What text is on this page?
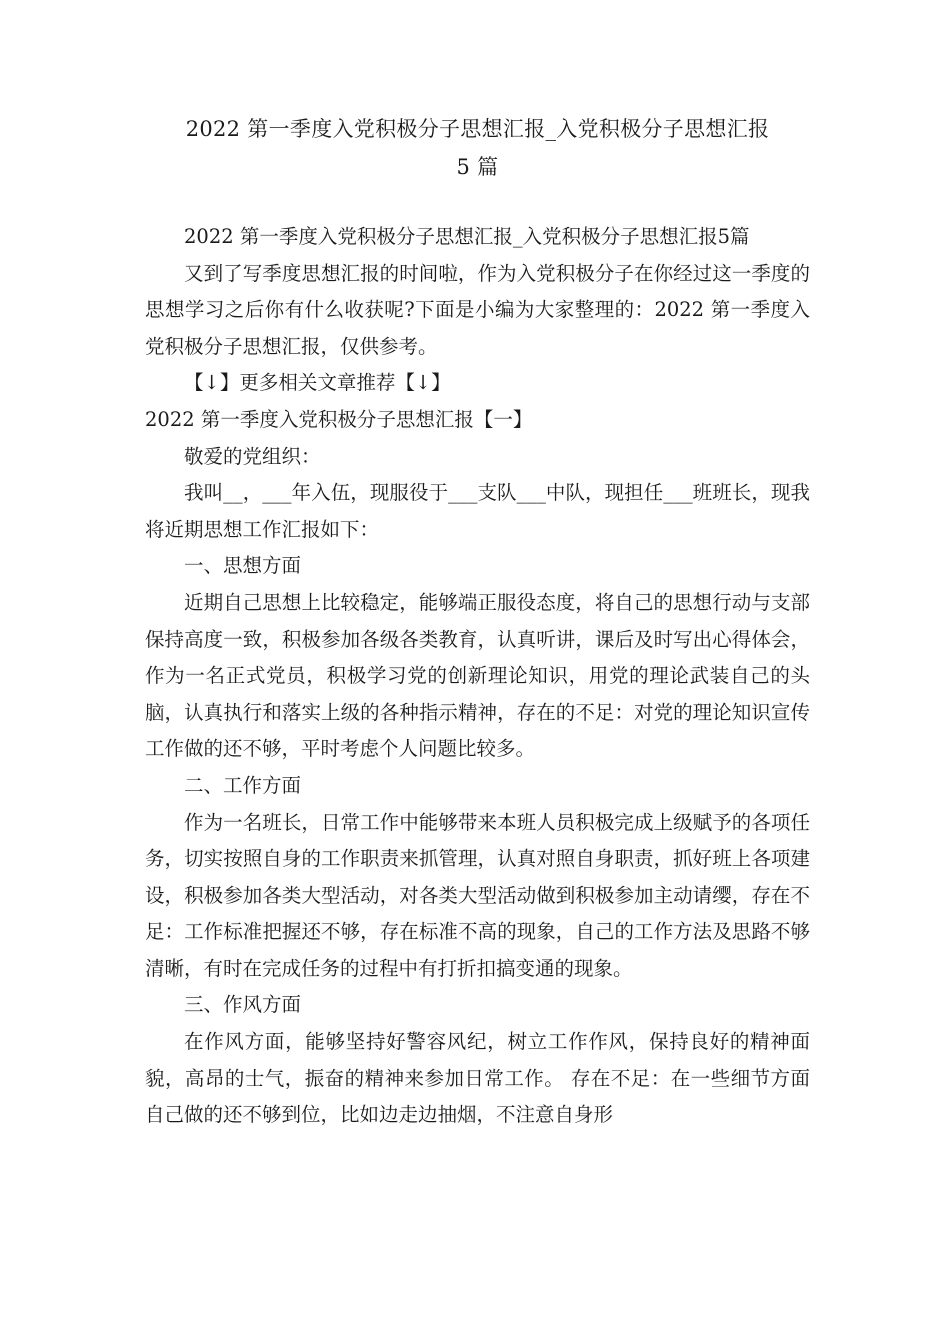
2022 第一季度入党积极分子思想汇报_入党积极分子思想汇报
5 篇

2022 第一季度入党积极分子思想汇报_入党积极分子思想汇报5篇

又到了写季度思想汇报的时间啦，作为入党积极分子在你经过这一季度的思想学习之后你有什么收获呢?下面是小编为大家整理的：2022 第一季度入党积极分子思想汇报，仅供参考。

【↓】更多相关文章推荐【↓】

2022 第一季度入党积极分子思想汇报【一】

敬爱的党组织：

我叫__，___年入伍，现服役于___支队___中队，现担任___班班长，现我将近期思想工作汇报如下：

一、思想方面

近期自己思想上比较稳定，能够端正服役态度，将自己的思想行动与支部保持高度一致，积极参加各级各类教育，认真听讲，课后及时写出心得体会，作为一名正式党员，积极学习党的创新理论知识，用党的理论武装自己的头脑，认真执行和落实上级的各种指示精神，存在的不足：对党的理论知识宣传工作做的还不够，平时考虑个人问题比较多。

二、工作方面

作为一名班长，日常工作中能够带来本班人员积极完成上级赋予的各项任务，切实按照自身的工作职责来抓管理，认真对照自身职责，抓好班上各项建设，积极参加各类大型活动，对各类大型活动做到积极参加主动请缨，存在不足：工作标准把握还不够，存在标准不高的现象，自己的工作方法及思路不够清晰，有时在完成任务的过程中有打折扣搞变通的现象。

三、作风方面

在作风方面，能够坚持好警容风纪，树立工作作风，保持良好的精神面貌，高昂的士气，振奋的精神来参加日常工作。 存在不足：在一些细节方面自己做的还不够到位，比如边走边抽烟，不注意自身形
